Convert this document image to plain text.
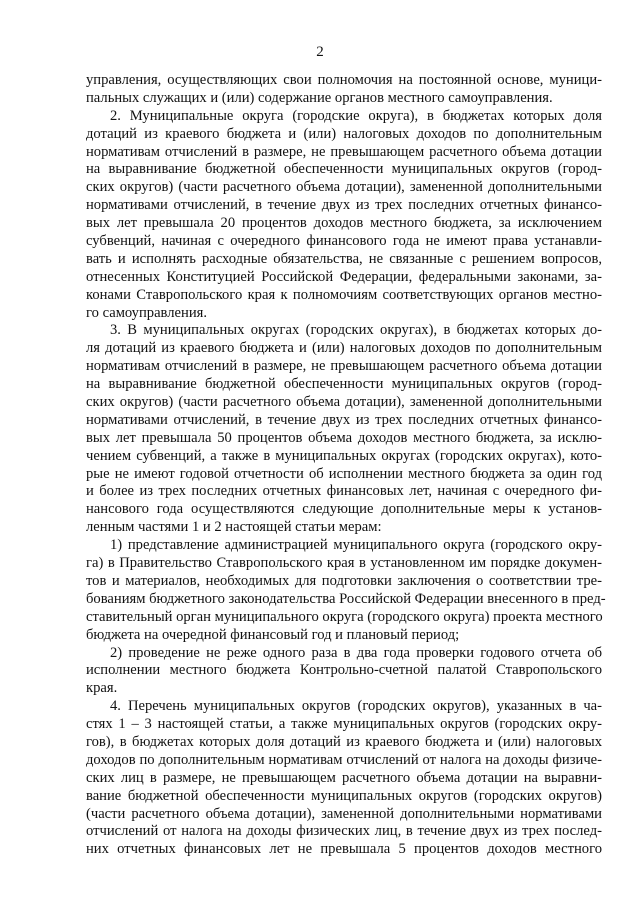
2
управления, осуществляющих свои полномочия на постоянной основе, муници-
пальных служащих и (или) содержание органов местного самоуправления.
2. Муниципальные округа (городские округа), в бюджетах которых доля
дотаций из краевого бюджета и (или) налоговых доходов по дополнительным
нормативам отчислений в размере, не превышающем расчетного объема дотации
на выравнивание бюджетной обеспеченности муниципальных округов (город-
ских округов) (части расчетного объема дотации), замененной дополнительными
нормативами отчислений, в течение двух из трех последних отчетных финансо-
вых лет превышала 20 процентов доходов местного бюджета, за исключением
субвенций, начиная с очередного финансового года не имеют права устанавли-
вать и исполнять расходные обязательства, не связанные с решением вопросов,
отнесенных Конституцией Российской Федерации, федеральными законами, за-
конами Ставропольского края к полномочиям соответствующих органов местно-
го самоуправления.
3. В муниципальных округах (городских округах), в бюджетах которых до-
ля дотаций из краевого бюджета и (или) налоговых доходов по дополнительным
нормативам отчислений в размере, не превышающем расчетного объема дотации
на выравнивание бюджетной обеспеченности муниципальных округов (город-
ских округов) (части расчетного объема дотации), замененной дополнительными
нормативами отчислений, в течение двух из трех последних отчетных финансо-
вых лет превышала 50 процентов объема доходов местного бюджета, за исклю-
чением субвенций, а также в муниципальных округах (городских округах), кото-
рые не имеют годовой отчетности об исполнении местного бюджета за один год
и более из трех последних отчетных финансовых лет, начиная с очередного фи-
нансового года осуществляются следующие дополнительные меры к установ-
ленным частями 1 и 2 настоящей статьи мерам:
1) представление администрацией муниципального округа (городского окру-
га) в Правительство Ставропольского края в установленном им порядке докумен-
тов и материалов, необходимых для подготовки заключения о соответствии тре-
бованиям бюджетного законодательства Российской Федерации внесенного в пред-
ставительный орган муниципального округа (городского округа) проекта местного
бюджета на очередной финансовый год и плановый период;
2) проведение не реже одного раза в два года проверки годового отчета об
исполнении местного бюджета Контрольно-счетной палатой Ставропольского
края.
4. Перечень муниципальных округов (городских округов), указанных в ча-
стях 1 – 3 настоящей статьи, а также муниципальных округов (городских окру-
гов), в бюджетах которых доля дотаций из краевого бюджета и (или) налоговых
доходов по дополнительным нормативам отчислений от налога на доходы физиче-
ских лиц в размере, не превышающем расчетного объема дотации на выравни-
вание бюджетной обеспеченности муниципальных округов (городских округов)
(части расчетного объема дотации), замененной дополнительными нормативами
отчислений от налога на доходы физических лиц, в течение двух из трех послед-
них отчетных финансовых лет не превышала 5 процентов доходов местного
